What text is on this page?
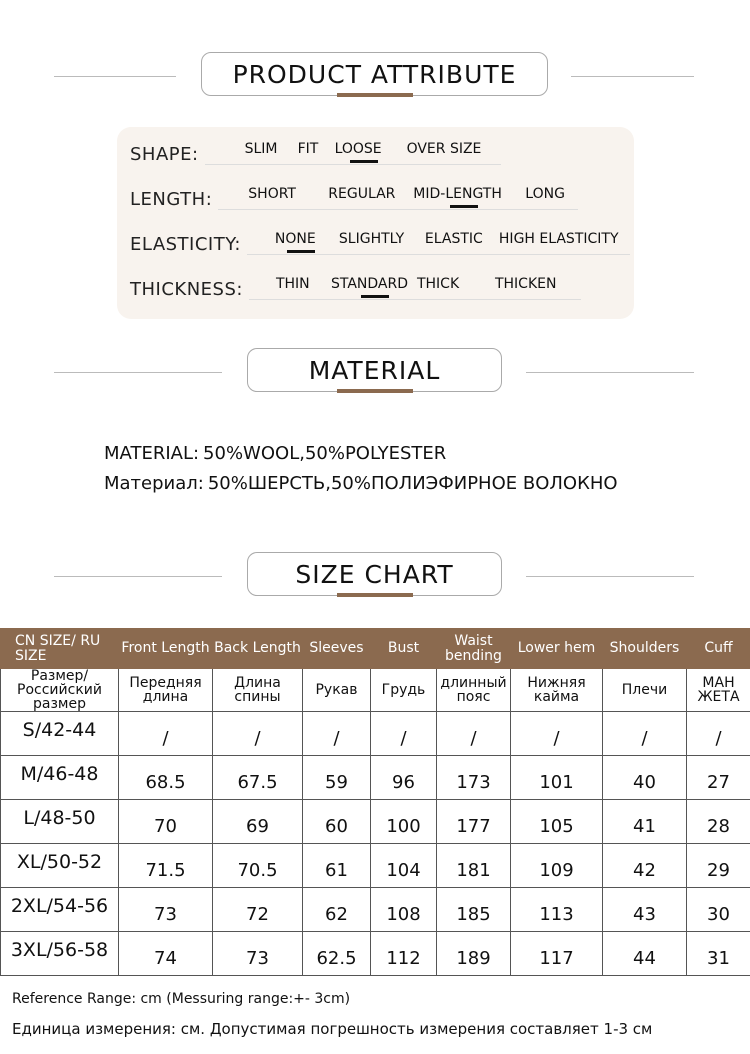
PRODUCT ATTRIBUTE
SHAPE:	SLIM FIT LOOSE OVER SIZE
LENGTH:	SHORT REGULAR MID-LENGTH LONG
ELASTICITY: NONE SLIGHTLY ELASTIC HIGH ELASTICITY
THICKNESS: THIN STANDARD THICK	THICKEN
MATERIAL
MATERIAL: 50%WOOL,50%POLYESTER
Материал: 50%ШЕРСТЬ,50%ПОЛИЭФИРНОЕ ВОЛОКНО
SIZE CHART
CN SIZE/ RU SIZE	Front Length	Back Length	Sleeves	Bust	Waist bending	Lower hem	Shoulders	Cuff
Размер/ Российский размер	Передняя длина	Длина спины	Рукав	Грудь	длинный пояс	Нижняя кайма	Плечи	МАН ЖЕТА
S/42-44	/	/	/	/	/	/	/	/
M/46-48	68.5	67.5	59	96	173	101	40	27
L/48-50	70	69	60	100	177	105	41	28
XL/50-52	71.5	70.5	61	104	181	109	42	29
2XL/54-56	73	72	62	108	185	113	43	30
3XL/56-58	74	73	62.5	112	189	117	44	31
Reference Range: cm (Messuring range:+- 3cm)
Единица измерения: см. Допустимая погрешность измерения составляет 1-3 см
